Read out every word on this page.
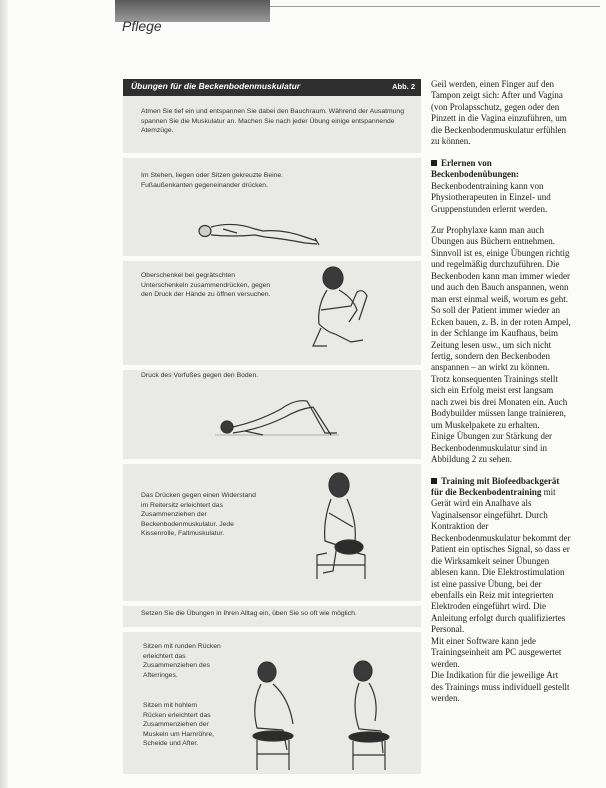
Pflege
Übungen für die Beckenbodenmuskulatur	Abb. 2
Atmen Sie tief ein und entspannen Sie dabei den Bauchraum. Während der Ausatmung spannen Sie die Muskulatur an. Machen Sie nach jeder Übung einige entspannende Atemzüge.
Im Stehen, liegen oder Sitzen gekreuzte Beine. Fußaußenkanten gegeneinander drücken.
Oberschenkel bei gegrätschten Unterschenkeln zusammendrücken, gegen den Druck der Hände zu öffnen versuchen.
Druck des Vorfußes gegen den Boden.
Das Drücken gegen einen Widerstand im Reitersitz erleichtert das Zusammenziehen der Beckenbodenmuskulatur. Jede Kissenrolle, Faltmuskulatur.
Setzen Sie die Übungen in Ihren Alltag ein, üben Sie so oft wie möglich.
Sitzen mit runden Rücken erleichtert das Zusammenziehen des Afterringes.
Sitzen mit hohlem Rücken erleichtert das Zusammenziehen der Muskeln um Harnröhre, Scheide und After.

Geil werden, einen Finger auf den Tampon zeigt sich: After und Vagina (von Prolapsschutz, gegen oder den Pinzett in die Vagina einzuführen, um die Beckenbodenmuskulatur erfühlen zu können.

Erlernen von Beckenbodenübungen: Beckenbodentraining kann von Physiotherapeuten in Einzel- und Gruppenstunden erlernt werden.

Zur Prophylaxe kann man auch Übungen aus Büchern entnehmen. Sinnvoll ist es, einige Übungen richtig und regelmäßig durchzuführen. Die Beckenboden kann man immer wieder und auch den Bauch anspannen, wenn man erst einmal weiß, worum es geht. So soll der Patient immer wieder an Ecken bauen, z. B. in der roten Ampel, in der Schlange im Kaufhaus, beim Zeitung lesen usw., um sich nicht fertig, sondern den Beckenboden anspannen – an wirkt zu können.

Trotz konsequenten Trainings stellt sich ein Erfolg meist erst langsam nach zwei bis drei Monaten ein. Auch Bodybuilder müssen lange trainieren, um Muskelpakete zu erhalten.

Einige Übungen zur Stärkung der Beckenbodenmuskulatur sind in Abbildung 2 zu sehen.

Training mit Biofeedbackgerät für die Beckenbodentraining mit Gerät wird ein Analhave als Vaginalsensor eingeführt. Durch Kontraktion der Beckenbodenmuskulatur bekommt der Patient ein optisches Signal, so dass er die Wirksamkeit seiner Übungen ablesen kann. Die Elektrostimulation ist eine passive Übung, bei der ebenfalls ein Reiz mit integrierten Elektroden eingeführt wird. Die Anleitung erfolgt durch qualifiziertes Personal.

Mit einer Software kann jede Trainingseinheit am PC ausgewertet werden.

Die Indikation für die jeweilige Art des Trainings muss individuell gestellt werden.
